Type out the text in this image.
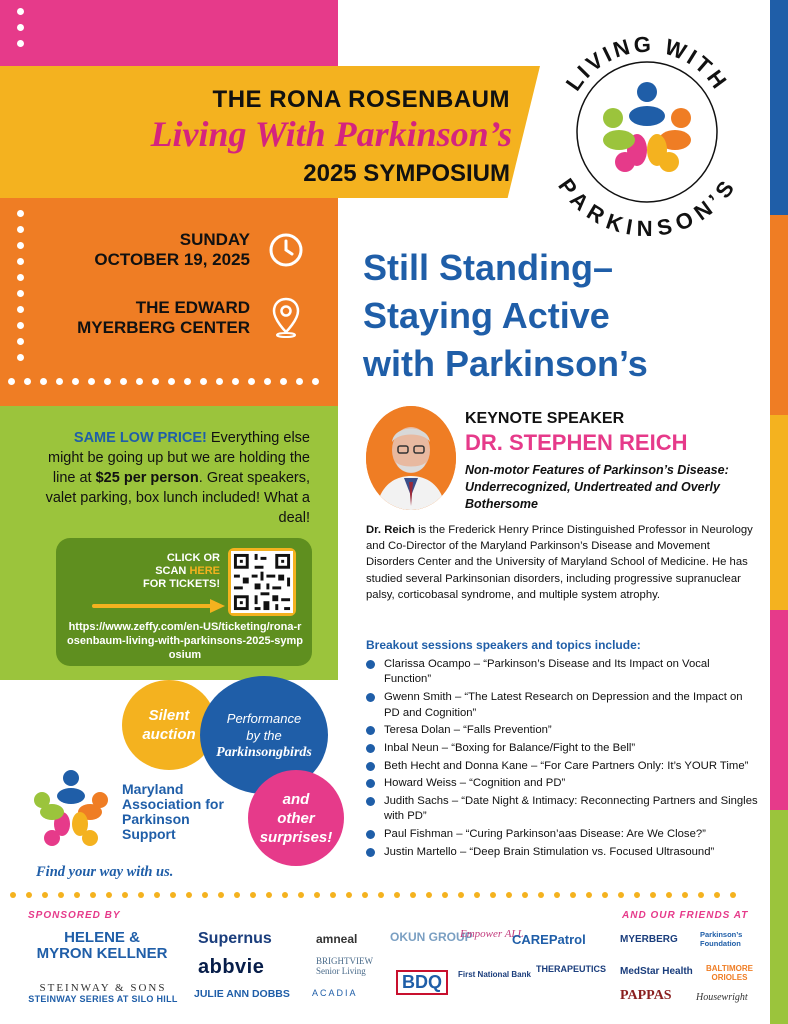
THE RONA ROSENBAUM
Living With Parkinson’s
2025 SYMPOSIUM
LIVING WITH
PARKINSON’S
SUNDAY
OCTOBER 19, 2025
THE EDWARD
MYERBERG CENTER
SAME LOW PRICE! Everything else might be going up but we are holding the line at $25 per person. Great speakers, valet parking, box lunch included! What a deal!
CLICK OR
SCAN HERE
FOR TICKETS!
https://www.zeffy.com/en-US/ticketing/rona-rosenbaum-living-with-parkinsons-2025-symposium
Silent
auction
Performance
by the
Parkinsongbirds
and
other
surprises!
Maryland
Association for
Parkinson
Support
Find your way with us.
Still Standing–
Staying Active
with Parkinson’s
KEYNOTE SPEAKER
DR. STEPHEN REICH
Non-motor Features of Parkinson’s Disease: Underrecognized, Undertreated and Overly Bothersome
Dr. Reich is the Frederick Henry Prince Distinguished Professor in Neurology and Co-Director of the Maryland Parkinson’s Disease and Movement Disorders Center and the University of Maryland School of Medicine. He has studied several Parkinsonian disorders, including progressive supranuclear palsy, corticobasal syndrome, and multiple system atrophy.
Breakout sessions speakers and topics include:
Clarissa Ocampo – “Parkinson’s Disease and Its Impact on Vocal Function”
Gwenn Smith – “The Latest Research on Depression and the Impact on PD and Cognition”
Teresa Dolan – “Falls Prevention”
Inbal Neun – “Boxing for Balance/Fight to the Bell”
Beth Hecht and Donna Kane – “For Care Partners Only: It’s YOUR Time”
Howard Weiss – “Cognition and PD”
Judith Sachs – “Date Night & Intimacy: Reconnecting Partners and Singles with PD”
Paul Fishman – “Curing Parkinson’aas Disease: Are We Close?”
Justin Martello – “Deep Brain Stimulation vs. Focused Ultrasound”
SPONSORED BY	AND OUR FRIENDS AT
HELENE &
MYRON KELLNER
STEINWAY & SONS
STEINWAY SERIES AT SILO HILL
Supernus
abbvie
JULIE ANN DOBBS
amneal
BRIGHTVIEW
Senior Living
ACADIA
OKUN GROUP
BDQ
Empower ALL
First National Bank
CAREPatrol
THERAPEUTICS
MYERBERG
MedStar Health
PAPPAS
Parkinson’s
Foundation
BALTIMORE
ORIOLES
Housewright
